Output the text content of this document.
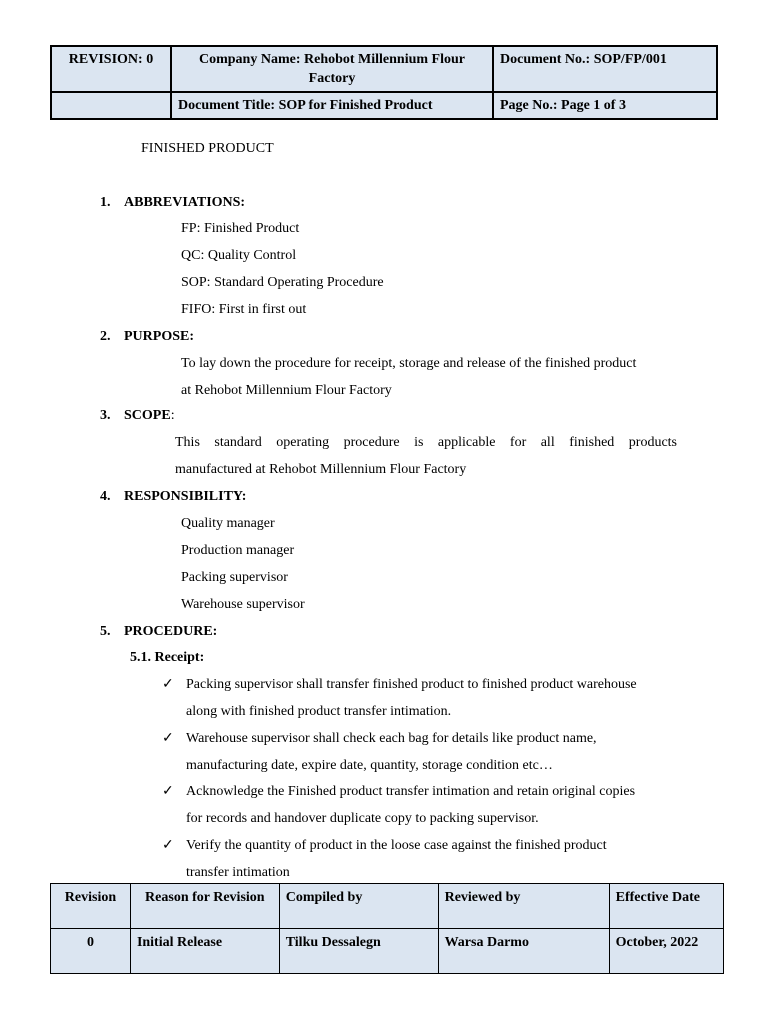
REVISION: 0	Company Name: Rehobot Millennium Flour Factory	Document No.: SOP/FP/001
	Document Title: SOP for Finished Product	Page No.: Page 1 of 3
FINISHED PRODUCT
1. ABBREVIATIONS:
FP: Finished Product
QC: Quality Control
SOP: Standard Operating Procedure
FIFO: First in first out
2. PURPOSE:
To lay down the procedure for receipt, storage and release of the finished product
at Rehobot Millennium Flour Factory
3. SCOPE:
This standard operating procedure is applicable for all finished products
manufactured at Rehobot Millennium Flour Factory
4. RESPONSIBILITY:
Quality manager
Production manager
Packing supervisor
Warehouse supervisor
5. PROCEDURE:
5.1. Receipt:
✓ Packing supervisor shall transfer finished product to finished product warehouse
along with finished product transfer intimation.
✓ Warehouse supervisor shall check each bag for details like product name,
manufacturing date, expire date, quantity, storage condition etc…
✓ Acknowledge the Finished product transfer intimation and retain original copies
for records and handover duplicate copy to packing supervisor.
✓ Verify the quantity of product in the loose case against the finished product
transfer intimation
Revision	Reason for Revision	Compiled by	Reviewed by	Effective Date
0	Initial Release	Tilku Dessalegn	Warsa Darmo	October, 2022
